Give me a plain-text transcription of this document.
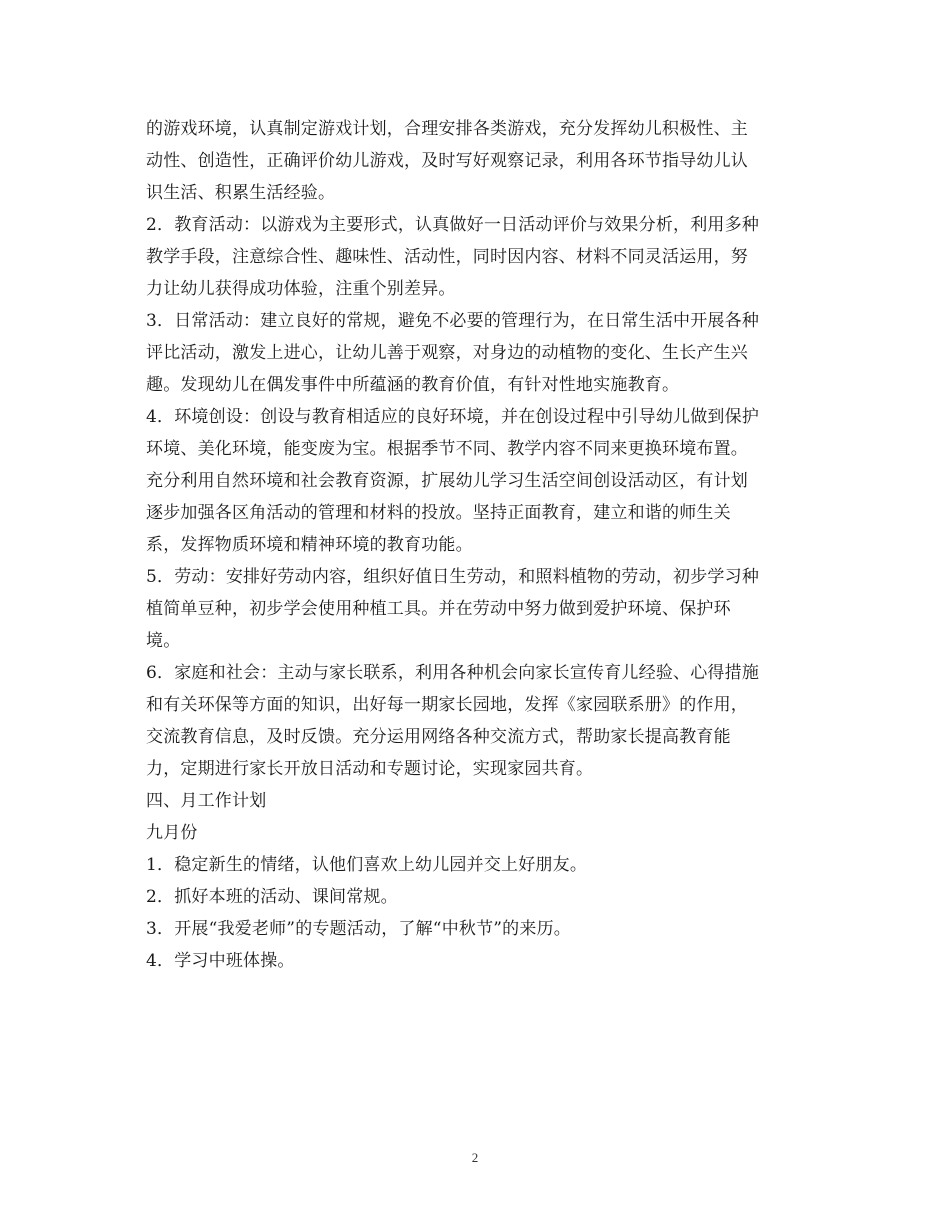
的游戏环境，认真制定游戏计划，合理安排各类游戏，充分发挥幼儿积极性、主
动性、创造性，正确评价幼儿游戏，及时写好观察记录，利用各环节指导幼儿认
识生活、积累生活经验。
2．教育活动：以游戏为主要形式，认真做好一日活动评价与效果分析，利用多种
教学手段，注意综合性、趣味性、活动性，同时因内容、材料不同灵活运用，努
力让幼儿获得成功体验，注重个别差异。
3．日常活动：建立良好的常规，避免不必要的管理行为，在日常生活中开展各种
评比活动，激发上进心，让幼儿善于观察，对身边的动植物的变化、生长产生兴
趣。发现幼儿在偶发事件中所蕴涵的教育价值，有针对性地实施教育。
4．环境创设：创设与教育相适应的良好环境，并在创设过程中引导幼儿做到保护
环境、美化环境，能变废为宝。根据季节不同、教学内容不同来更换环境布置。
充分利用自然环境和社会教育资源，扩展幼儿学习生活空间创设活动区，有计划
逐步加强各区角活动的管理和材料的投放。坚持正面教育，建立和谐的师生关
系，发挥物质环境和精神环境的教育功能。
5．劳动：安排好劳动内容，组织好值日生劳动，和照料植物的劳动，初步学习种
植简单豆种，初步学会使用种植工具。并在劳动中努力做到爱护环境、保护环
境。
6．家庭和社会：主动与家长联系，利用各种机会向家长宣传育儿经验、心得措施
和有关环保等方面的知识，出好每一期家长园地，发挥《家园联系册》的作用，
交流教育信息，及时反馈。充分运用网络各种交流方式，帮助家长提高教育能
力，定期进行家长开放日活动和专题讨论，实现家园共育。
四、月工作计划
九月份
1．稳定新生的情绪，认他们喜欢上幼儿园并交上好朋友。
2．抓好本班的活动、课间常规。
3．开展“我爱老师”的专题活动，了解“中秋节”的来历。
4．学习中班体操。
2
